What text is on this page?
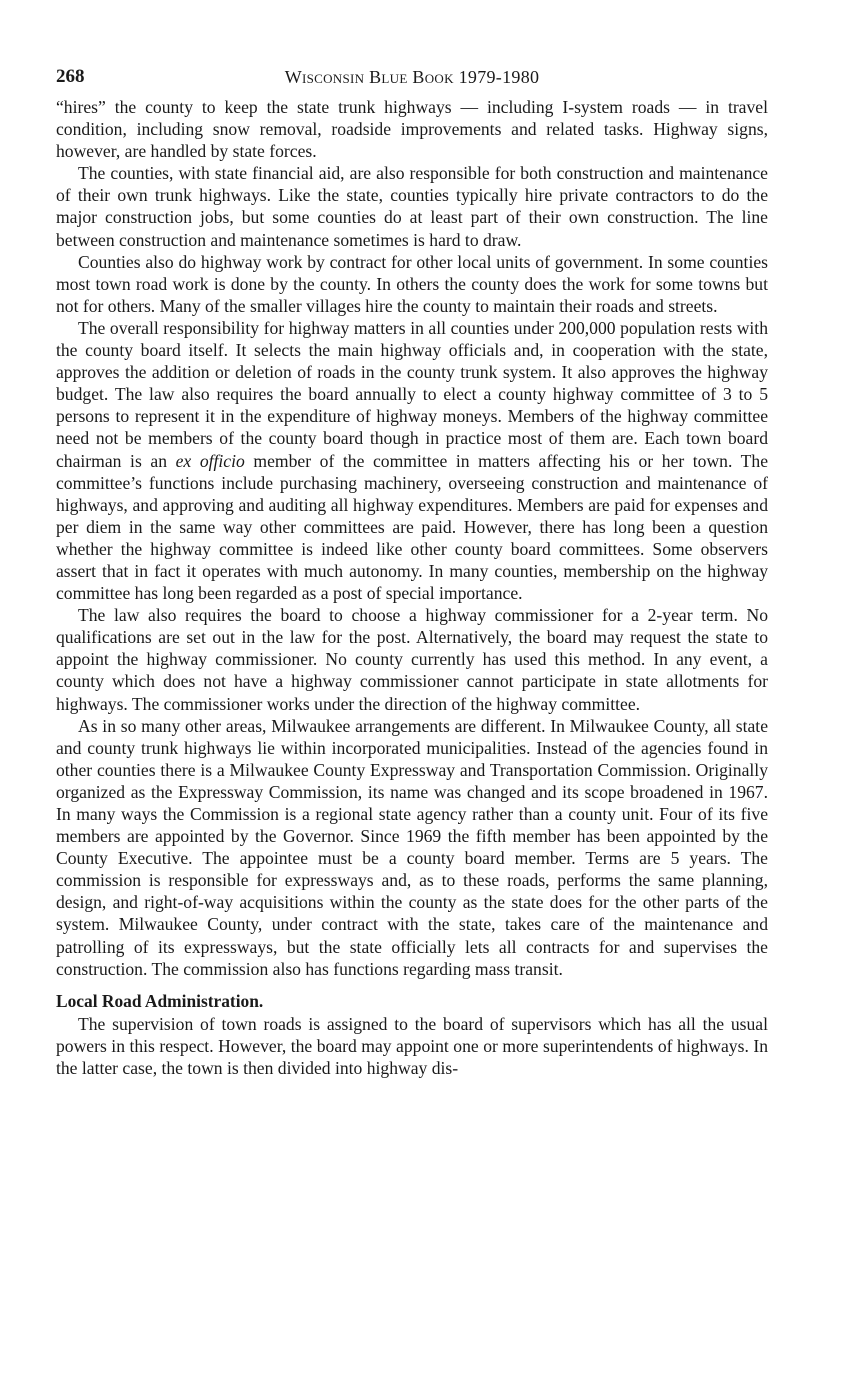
268	Wisconsin Blue Book 1979-1980

“hires” the county to keep the state trunk highways — including I-system roads — in travel condition, including snow removal, roadside improvements and related tasks. Highway signs, however, are handled by state forces.

The counties, with state financial aid, are also responsible for both construction and maintenance of their own trunk highways. Like the state, counties typically hire private contractors to do the major construction jobs, but some counties do at least part of their own construction. The line between construction and maintenance sometimes is hard to draw.

Counties also do highway work by contract for other local units of government. In some counties most town road work is done by the county. In others the county does the work for some towns but not for others. Many of the smaller villages hire the county to maintain their roads and streets.

The overall responsibility for highway matters in all counties under 200,000 population rests with the county board itself. It selects the main highway officials and, in cooperation with the state, approves the addition or deletion of roads in the county trunk system. It also approves the highway budget. The law also requires the board annually to elect a county highway committee of 3 to 5 persons to represent it in the expenditure of highway moneys. Members of the highway committee need not be members of the county board though in practice most of them are. Each town board chairman is an ex officio member of the committee in matters affecting his or her town. The committee’s functions include purchasing machinery, overseeing construction and maintenance of highways, and approving and auditing all highway expenditures. Members are paid for expenses and per diem in the same way other committees are paid. However, there has long been a question whether the highway committee is indeed like other county board committees. Some observers assert that in fact it operates with much autonomy. In many counties, membership on the highway committee has long been regarded as a post of special importance.

The law also requires the board to choose a highway commissioner for a 2-year term. No qualifications are set out in the law for the post. Alternatively, the board may request the state to appoint the highway commissioner. No county currently has used this method. In any event, a county which does not have a highway commissioner cannot participate in state allotments for highways. The commissioner works under the direction of the highway committee.

As in so many other areas, Milwaukee arrangements are different. In Milwaukee County, all state and county trunk highways lie within incorporated municipalities. Instead of the agencies found in other counties there is a Milwaukee County Expressway and Transportation Commission. Originally organized as the Expressway Commission, its name was changed and its scope broadened in 1967. In many ways the Commission is a regional state agency rather than a county unit. Four of its five members are appointed by the Governor. Since 1969 the fifth member has been appointed by the County Executive. The appointee must be a county board member. Terms are 5 years. The commission is responsible for expressways and, as to these roads, performs the same planning, design, and right-of-way acquisitions within the county as the state does for the other parts of the system. Milwaukee County, under contract with the state, takes care of the maintenance and patrolling of its expressways, but the state officially lets all contracts for and supervises the construction. The commission also has functions regarding mass transit.

Local Road Administration.

The supervision of town roads is assigned to the board of supervisors which has all the usual powers in this respect. However, the board may appoint one or more superintendents of highways. In the latter case, the town is then divided into highway dis-
